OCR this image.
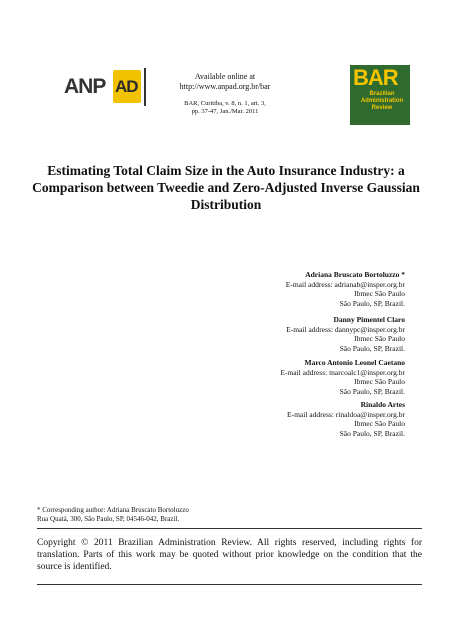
ANP AD
Available online at
http://www.anpad.org.br/bar
BAR, Curitiba, v. 8, n. 1, art. 3,
pp. 37-47, Jan./Mar. 2011
BAR
Brazilian Administration Review
Estimating Total Claim Size in the Auto Insurance Industry: a Comparison between Tweedie and Zero-Adjusted Inverse Gaussian Distribution
Adriana Bruscato Bortoluzzo *
E-mail address: adrianab@insper.org.br
Ibmec São Paulo
São Paulo, SP, Brazil.
Danny Pimentel Claro
E-mail address: dannypc@insper.org.br
Ibmec São Paulo
São Paulo, SP, Brazil.
Marco Antonio Leonel Caetano
E-mail address: marcoalc1@insper.org.br
Ibmec São Paulo
São Paulo, SP, Brazil.
Rinaldo Artes
E-mail address: rinaldoa@insper.org.br
Ibmec São Paulo
São Paulo, SP, Brazil.
* Corresponding author: Adriana Bruscato Bortoluzzo
Rua Quatá, 300, São Paulo, SP, 04546-042, Brazil.
Copyright © 2011 Brazilian Administration Review. All rights reserved, including rights for translation. Parts of this work may be quoted without prior knowledge on the condition that the source is identified.
